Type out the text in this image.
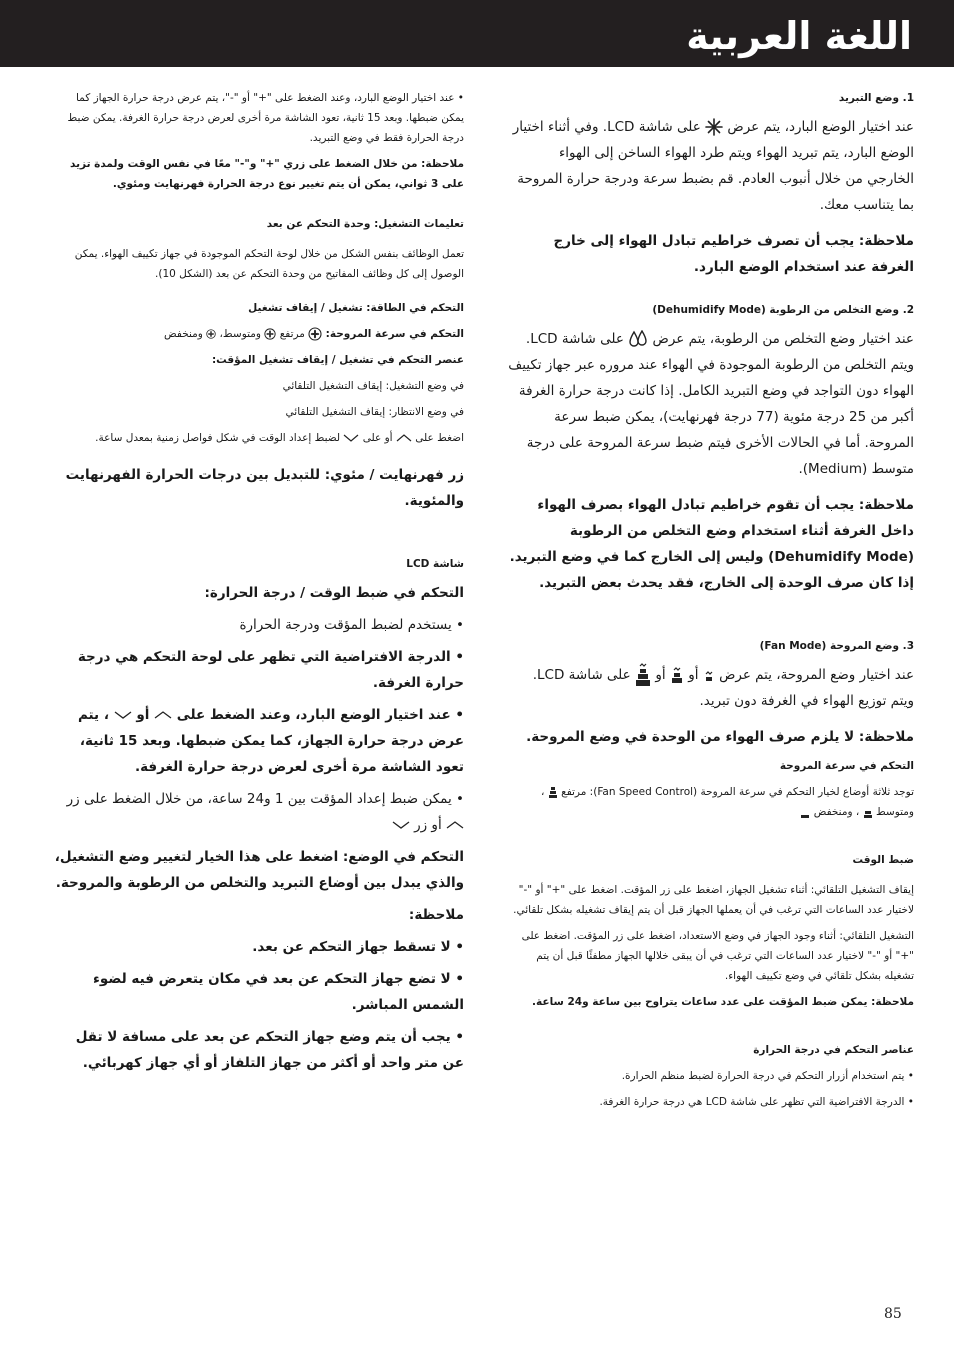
اللغة العربية

1. وضع التبريد

عند اختيار الوضع البارد، يتم عرض  على شاشة LCD. وفي أثناء اختيار الوضع البارد، يتم تبريد الهواء ويتم طرد الهواء الساخن إلى الهواء الخارجي من خلال أنبوب العادم. قم بضبط سرعة ودرجة حرارة المروحة بما يتناسب معك.

ملاحظة: يجب أن تصرف خراطيم تبادل الهواء إلى خارج الغرفة عند استخدام الوضع البارد.

2. وضع التخلص من الرطوبة (Dehumidify Mode)

عند اختيار وضع التخلص من الرطوبة، يتم عرض  على شاشة LCD. ويتم التخلص من الرطوبة الموجودة في الهواء عند مروره عبر جهاز تكييف الهواء دون التواجد في وضع التبريد الكامل. إذا كانت درجة حرارة الغرفة أكبر من 25 درجة مئوية (77 درجة فهرنهايت)، يمكن ضبط سرعة المروحة. أما في الحالات الأخرى فيتم ضبط سرعة المروحة على درجة متوسط (Medium).

ملاحظة: يجب أن تقوم خراطيم تبادل الهواء بصرف الهواء داخل الغرفة أثناء استخدام وضع التخلص من الرطوبة (Dehumidify Mode) وليس إلى الخارج كما في وضع التبريد. إذا كان صرف الوحدة إلى الخارج، فقد يحدث بعض التبريد.

3. وضع المروحة (Fan Mode)

عند اختيار وضع المروحة، يتم عرض  أو  أو  على شاشة LCD. ويتم توزيع الهواء في الغرفة دون تبريد.

ملاحظة: لا يلزم صرف الهواء من الوحدة في وضع المروحة.

التحكم في سرعة المروحة

توجد ثلاثة أوضاع لخيار التحكم في سرعة المروحة (Fan Speed Control): مرتفع  ، ومتوسط  ، ومنخفض

ضبط الوقت

إيقاف التشغيل التلقائي: أثناء تشغيل الجهاز، اضغط على زر المؤقت. اضغط على "+" أو "-" لاختيار عدد الساعات التي ترغب في أن يعملها الجهاز قبل أن يتم إيقاف تشغيله بشكل تلقائي.

التشغيل التلقائي: أثناء وجود الجهاز في وضع الاستعداد، اضغط على زر المؤقت. اضغط على "+" أو "-" لاختيار عدد الساعات التي ترغب في أن يبقى خلالها الجهاز مطفئًا قبل أن يتم تشغيله بشكل تلقائي في وضع تكييف الهواء.

ملاحظة: يمكن ضبط المؤقت على عدد ساعات يتراوح بين ساعة و24 ساعة.

عناصر التحكم في درجة الحرارة

• يتم استخدام أزرار التحكم في درجة الحرارة لضبط منظم الحرارة.

• الدرجة الافتراضية التي تظهر على شاشة LCD هي درجة حرارة الغرفة.

• عند اختيار الوضع البارد، وعند الضغط على "+" أو "-"، يتم عرض درجة حرارة الجهاز كما يمكن ضبطها. وبعد 15 ثانية، تعود الشاشة مرة أخرى لعرض درجة حرارة الغرفة. يمكن ضبط درجة الحرارة فقط في وضع التبريد.

ملاحظة: من خلال الضغط على زري "+" و"-" معًا في نفس الوقت ولمدة تزيد على 3 ثواني، يمكن أن يتم تغيير نوع درجة الحرارة فهرنهايت ومئوي.

تعليمات التشغيل: وحدة التحكم عن بعد

تعمل الوظائف بنفس الشكل من خلال لوحة التحكم الموجودة في جهاز تكييف الهواء. يمكن الوصول إلى كل وظائف المفاتيح من وحدة التحكم عن بعد (الشكل 10).

التحكم في الطاقة: تشغيل / إيقاف تشغيل

التحكم في سرعة المروحة:  مرتفع  ومتوسط،  ومنخفض

عنصر التحكم في تشغيل / إيقاف تشغيل المؤقت:

في وضع التشغيل: إيقاف التشغيل التلقائي

في وضع الانتظار: إيقاف التشغيل التلقائي

اضغط على  أو على  لضبط إعداد الوقت في شكل فواصل زمنية بمعدل ساعة.

زر فهرنهايت / مئوي: للتبديل بين درجات الحرارة الفهرنهايت والمئوية.

شاشة LCD

التحكم في ضبط الوقت / درجة الحرارة:

• يستخدم لضبط المؤقت ودرجة الحرارة

• الدرجة الافتراضية التي تظهر على لوحة التحكم هي درجة حرارة الغرفة.

• عند اختيار الوضع البارد، وعند الضغط على  أو  ، يتم عرض درجة حرارة الجهاز، كما يمكن ضبطها. وبعد 15 ثانية، تعود الشاشة مرة أخرى لعرض درجة حرارة الغرفة.

• يمكن ضبط إعداد المؤقت بين 1 و24 ساعة، من خلال الضغط على زر  أو زر

التحكم في الوضع: اضغط على هذا الخيار لتغيير وضع التشغيل، والذي يبدل بين أوضاع التبريد والتخلص من الرطوبة والمروحة.

ملاحظة:

• لا تسقط جهاز التحكم عن بعد.

• لا تضع جهاز التحكم عن بعد في مكان يتعرض فيه لضوء الشمس المباشر.

• يجب أن يتم وضع جهاز التحكم عن بعد على مسافة لا تقل عن متر واحد أو أكثر من جهاز التلفاز أو أي جهاز كهربائي.

85
